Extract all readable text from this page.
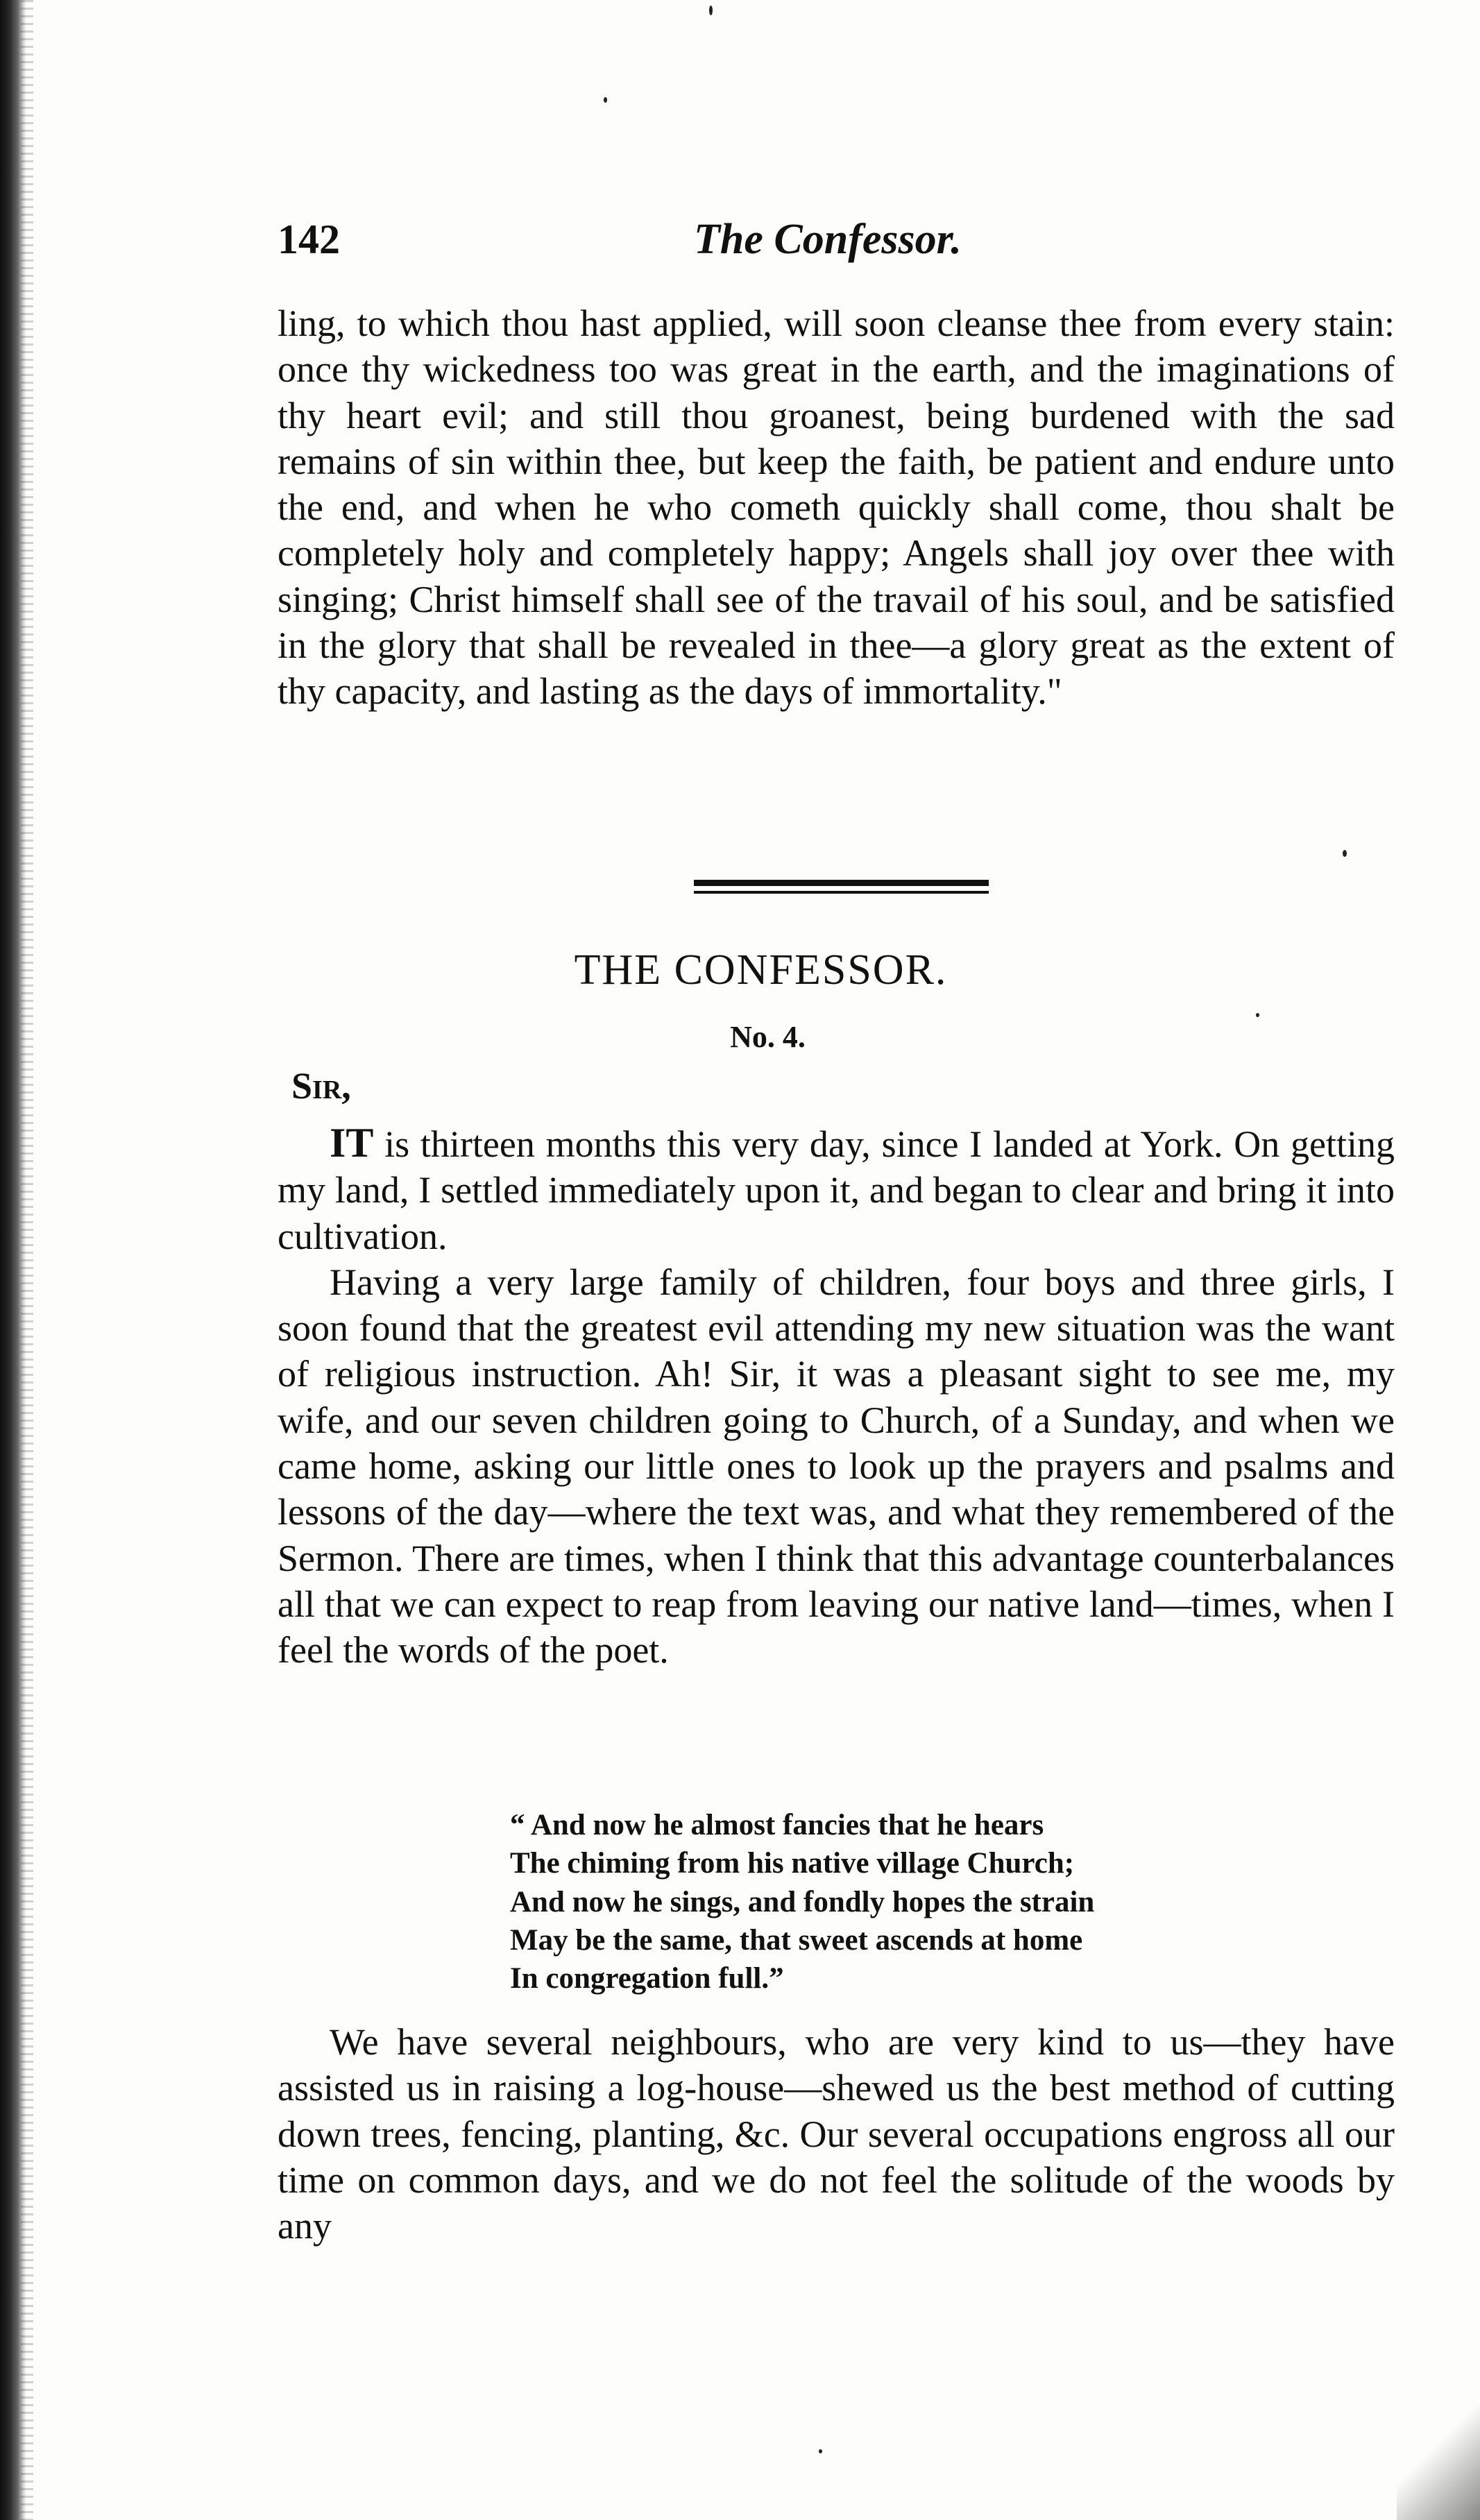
142	The Confessor.

ling, to which thou hast applied, will soon cleanse thee from every stain: once thy wickedness too was great in the earth, and the imaginations of thy heart evil; and still thou groanest, being burdened with the sad remains of sin within thee, but keep the faith, be patient and endure unto the end, and when he who cometh quickly shall come, thou shalt be completely holy and completely happy; Angels shall joy over thee with singing; Christ himself shall see of the travail of his soul, and be satisfied in the glory that shall be revealed in thee—a glory great as the extent of thy capacity, and lasting as the days of immortality."

THE CONFESSOR.
No. 4.
Sir,

IT is thirteen months this very day, since I landed at York. On getting my land, I settled immediately upon it, and began to clear and bring it into cultivation.

Having a very large family of children, four boys and three girls, I soon found that the greatest evil attending my new situation was the want of religious instruction. Ah! Sir, it was a pleasant sight to see me, my wife, and our seven children going to Church, of a Sunday, and when we came home, asking our little ones to look up the prayers and psalms and lessons of the day—where the text was, and what they remembered of the Sermon. There are times, when I think that this advantage counterbalances all that we can expect to reap from leaving our native land—times, when I feel the words of the poet.

“ And now he almost fancies that he hears
The chiming from his native village Church;
And now he sings, and fondly hopes the strain
May be the same, that sweet ascends at home
In congregation full.”

We have several neighbours, who are very kind to us—they have assisted us in raising a log-house—shewed us the best method of cutting down trees, fencing, planting, &c. Our several occupations engross all our time on common days, and we do not feel the solitude of the woods by any
